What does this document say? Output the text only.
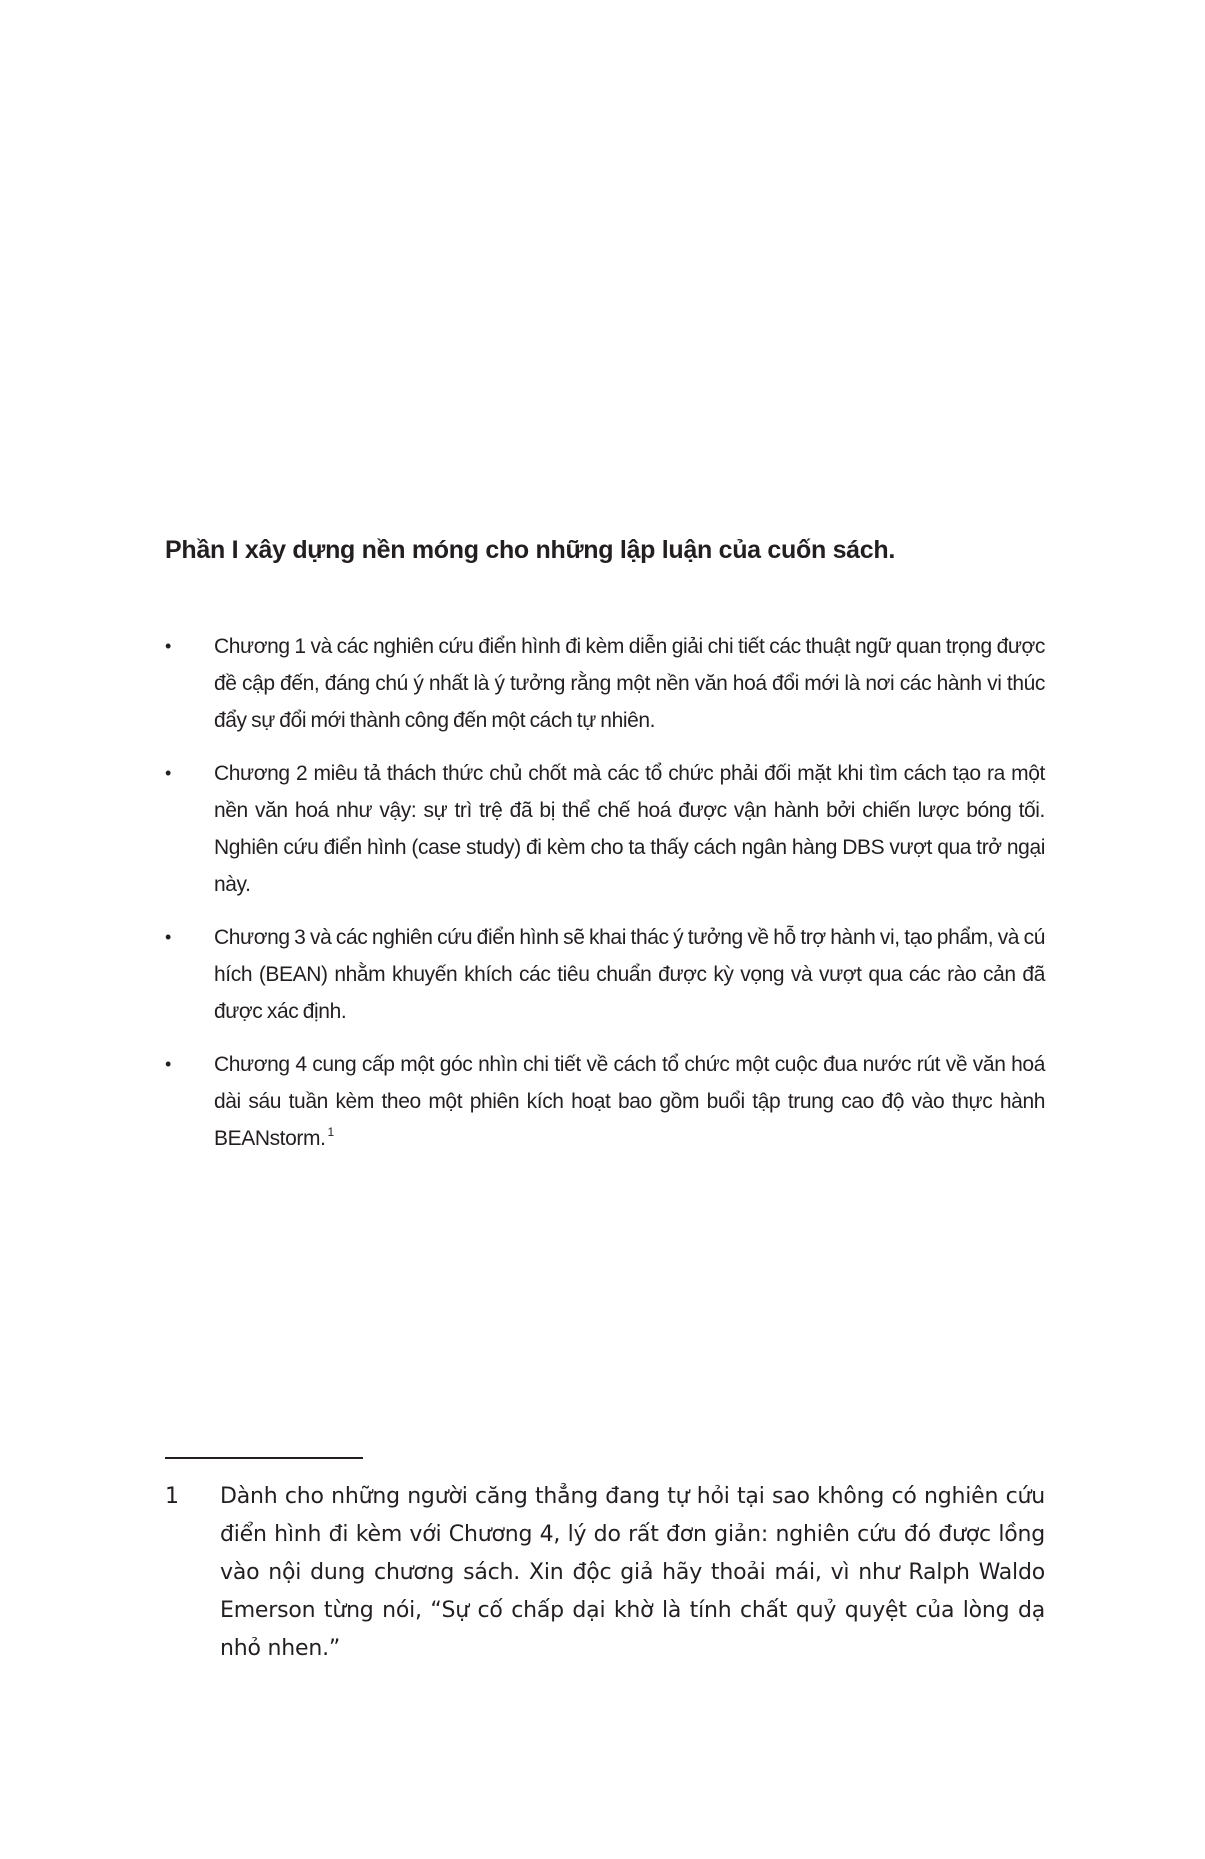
Phần I xây dựng nền móng cho những lập luận của cuốn sách.

• Chương 1 và các nghiên cứu điển hình đi kèm diễn giải chi tiết các thuật ngữ quan trọng được đề cập đến, đáng chú ý nhất là ý tưởng rằng một nền văn hoá đổi mới là nơi các hành vi thúc đẩy sự đổi mới thành công đến một cách tự nhiên.
• Chương 2 miêu tả thách thức chủ chốt mà các tổ chức phải đối mặt khi tìm cách tạo ra một nền văn hoá như vậy: sự trì trệ đã bị thể chế hoá được vận hành bởi chiến lược bóng tối. Nghiên cứu điển hình (case study) đi kèm cho ta thấy cách ngân hàng DBS vượt qua trở ngại này.
• Chương 3 và các nghiên cứu điển hình sẽ khai thác ý tưởng về hỗ trợ hành vi, tạo phẩm, và cú hích (BEAN) nhằm khuyến khích các tiêu chuẩn được kỳ vọng và vượt qua các rào cản đã được xác định.
• Chương 4 cung cấp một góc nhìn chi tiết về cách tổ chức một cuộc đua nước rút về văn hoá dài sáu tuần kèm theo một phiên kích hoạt bao gồm buổi tập trung cao độ vào thực hành BEANstorm. $^1$
1 Dành cho những người căng thẳng đang tự hỏi tại sao không có nghiên cứu điển hình đi kèm với Chương 4, lý do rất đơn giản: nghiên cứu đó được lồng vào nội dung chương sách. Xin độc giả hãy thoải mái, vì như Ralph Waldo Emerson từng nói, “Sự cố chấp dại khờ là tính chất quỷ quyệt của lòng dạ nhỏ nhen.”
